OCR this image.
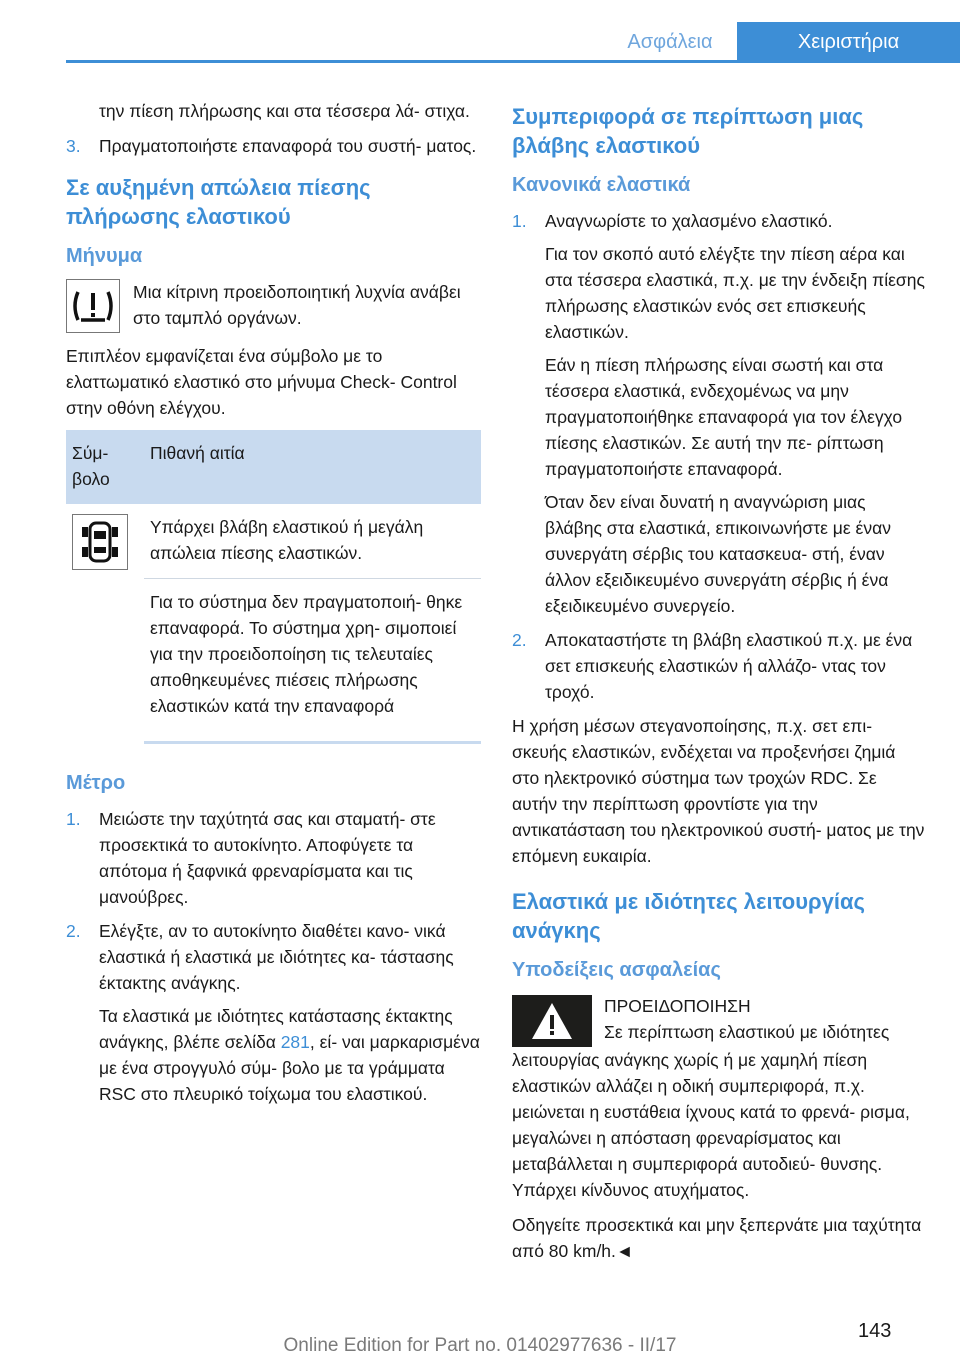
Ασφάλεια	Χειριστήρια

την πίεση πλήρωσης και στα τέσσερα λά‐ στιχα.

3. Πραγματοποιήστε επαναφορά του συστή‐ ματος.
Σε αυξημένη απώλεια πίεσης πλήρωσης ελαστικού
Μήνυμα
Μια κίτρινη προειδοποιητική λυχνία ανάβει στο ταμπλό οργάνων.

Επιπλέον εμφανίζεται ένα σύμβολο με το ελαττωματικό ελαστικό στο μήνυμα Check- Control στην οθόνη ελέγχου.

Σύμ‐ βολο	Πιθανή αιτία

	Υπάρχει βλάβη ελαστικού ή μεγάλη απώλεια πίεσης ελαστικών.
	Για το σύστημα δεν πραγματοποιή‐ θηκε επαναφορά. Το σύστημα χρη‐ σιμοποιεί για την προειδοποίηση τις τελευταίες αποθηκευμένες πιέσεις πλήρωσης ελαστικών κατά την επαναφορά
Μέτρο
1. Μειώστε την ταχύτητά σας και σταματή‐ στε προσεκτικά το αυτοκίνητο. Αποφύγετε τα απότομα ή ξαφνικά φρεναρίσματα και τις μανούβρες.
2. Ελέγξτε, αν το αυτοκίνητο διαθέτει κανο‐ νικά ελαστικά ή ελαστικά με ιδιότητες κα‐ τάστασης έκτακτης ανάγκης.
Τα ελαστικά με ιδιότητες κατάστασης έκτακτης ανάγκης, βλέπε σελίδα 281, εί‐ ναι μαρκαρισμένα με ένα στρογγυλό σύμ‐ βολο με τα γράμματα RSC στο πλευρικό τοίχωμα του ελαστικού.
Συμπεριφορά σε περίπτωση μιας βλάβης ελαστικού
Κανονικά ελαστικά
1. Αναγνωρίστε το χαλασμένο ελαστικό.
Για τον σκοπό αυτό ελέγξτε την πίεση αέρα και στα τέσσερα ελαστικά, π.χ. με την ένδειξη πίεσης πλήρωσης ελαστικών ενός σετ επισκευής ελαστικών.
Εάν η πίεση πλήρωσης είναι σωστή και στα τέσσερα ελαστικά, ενδεχομένως να μην πραγματοποιήθηκε επαναφορά για τον έλεγχο πίεσης ελαστικών. Σε αυτή την πε‐ ρίπτωση πραγματοποιήστε επαναφορά.
Όταν δεν είναι δυνατή η αναγνώριση μιας βλάβης στα ελαστικά, επικοινωνήστε με έναν συνεργάτη σέρβις του κατασκευα‐ στή, έναν άλλον εξειδικευμένο συνεργάτη σέρβις ή ένα εξειδικευμένο συνεργείο.
2. Αποκαταστήστε τη βλάβη ελαστικού π.χ. με ένα σετ επισκευής ελαστικών ή αλλάζο‐ ντας τον τροχό.

Η χρήση μέσων στεγανοποίησης, π.χ. σετ επι‐ σκευής ελαστικών, ενδέχεται να προξενήσει ζημιά στο ηλεκτρονικό σύστημα των τροχών RDC. Σε αυτήν την περίπτωση φροντίστε για την αντικατάσταση του ηλεκτρονικού συστή‐ ματος με την επόμενη ευκαιρία.

Ελαστικά με ιδιότητες λειτουργίας ανάγκης
Υποδείξεις ασφαλείας
ΠΡΟΕΙΔΟΠΟΙΗΣΗ
Σε περίπτωση ελαστικού με ιδιότητες

λειτουργίας ανάγκης χωρίς ή με χαμηλή πίεση ελαστικών αλλάζει η οδική συμπεριφορά, π.χ. μειώνεται η ευστάθεια ίχνους κατά το φρενά‐ ρισμα, μεγαλώνει η απόσταση φρεναρίσματος και μεταβάλλεται η συμπεριφορά αυτοδιεύ‐ θυνσης. Υπάρχει κίνδυνος ατυχήματος.

Οδηγείτε προσεκτικά και μην ξεπερνάτε μια ταχύτητα από 80 km/h.◄

143
Online Edition for Part no. 01402977636 - II/17
